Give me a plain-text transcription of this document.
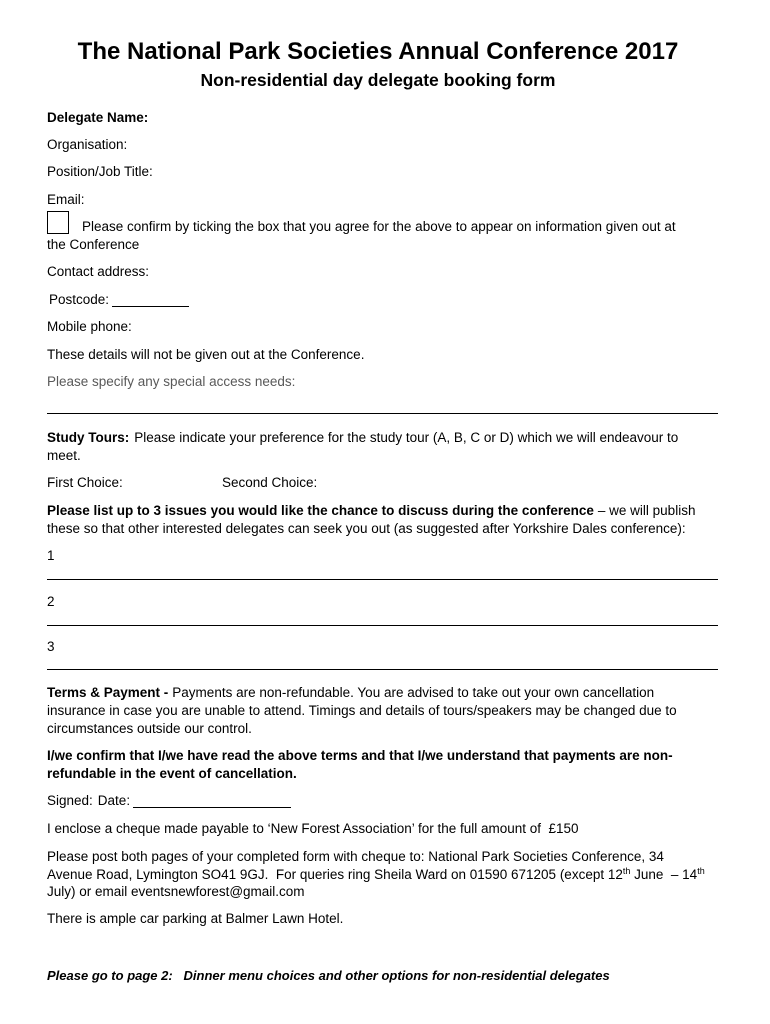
The National Park Societies Annual Conference 2017
Non-residential day delegate booking form
Delegate Name:
Organisation:
Position/Job Title:
Email:
Please confirm by ticking the box that you agree for the above to appear on information given out at
the Conference
Contact address:
Postcode:
Mobile phone:
These details will not be given out at the Conference.
Please specify any special access needs:
Study Tours: Please indicate your preference for the study tour (A, B, C or D) which we will endeavour to
meet.
First Choice:	Second Choice:
Please list up to 3 issues you would like the chance to discuss during the conference – we will publish
these so that other interested delegates can seek you out (as suggested after Yorkshire Dales conference):
1
2
3
Terms & Payment - Payments are non-refundable. You are advised to take out your own cancellation
insurance in case you are unable to attend. Timings and details of tours/speakers may be changed due to
circumstances outside our control.
I/we confirm that I/we have read the above terms and that I/we understand that payments are non-
refundable in the event of cancellation.
Signed: Date:
I enclose a cheque made payable to ‘New Forest Association’ for the full amount of  £150
Please post both pages of your completed form with cheque to: National Park Societies Conference, 34
Avenue Road, Lymington SO41 9GJ.  For queries ring Sheila Ward on 01590 671205 (except 12th June  – 14th
July) or email eventsnewforest@gmail.com
There is ample car parking at Balmer Lawn Hotel.
Please go to page 2:   Dinner menu choices and other options for non-residential delegates
